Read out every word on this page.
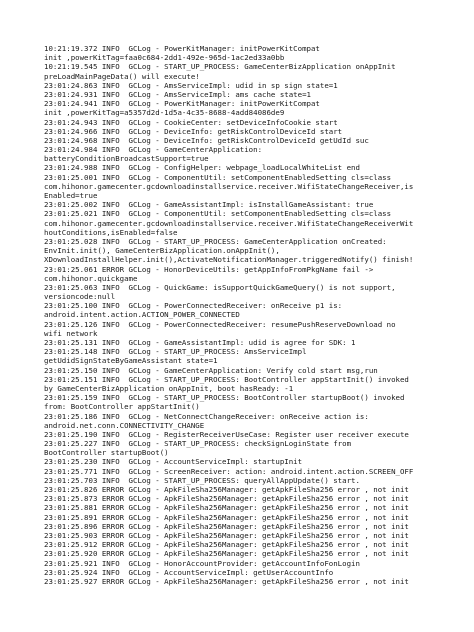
10:21:19.372 INFO  GCLog - PowerKitManager: initPowerKitCompat
init ,powerKitTag=faa0c684-2dd1-492e-965d-1ac2ed33a0bb
10:21:19.545 INFO  GCLog - START_UP_PROCESS: GameCenterBizApplication onAppInit
preLoadMainPageData() will execute!
23:01:24.863 INFO  GCLog - AmsServiceImpl: udid in sp sign state=1
23:01:24.931 INFO  GCLog - AmsServiceImpl: ams cache state=1
23:01:24.941 INFO  GCLog - PowerKitManager: initPowerKitCompat
init ,powerKitTag=a5357d2d-1d5a-4c35-8688-4add84086de9
23:01:24.943 INFO  GCLog - CookieCenter: setDeviceInfoCookie start
23:01:24.966 INFO  GCLog - DeviceInfo: getRiskControlDeviceId start
23:01:24.968 INFO  GCLog - DeviceInfo: getRiskControlDeviceId getUdId suc
23:01:24.984 INFO  GCLog - GameCenterApplication:
batteryConditionBroadcastSupport=true
23:01:24.988 INFO  GCLog - ConfigHelper: webpage_loadLocalWhiteList end
23:01:25.001 INFO  GCLog - ComponentUtil: setComponentEnabledSetting cls=class
com.hihonor.gamecenter.gcdownloadinstallservice.receiver.WifiStateChangeReceiver,is
Enabled=true
23:01:25.002 INFO  GCLog - GameAssistantImpl: isInstallGameAssistant: true
23:01:25.021 INFO  GCLog - ComponentUtil: setComponentEnabledSetting cls=class
com.hihonor.gamecenter.gcdownloadinstallservice.receiver.WifiStateChangeReceiverWit
houtConditions,isEnabled=false
23:01:25.028 INFO  GCLog - START_UP_PROCESS: GameCenterApplication onCreated:
EnvInit.init(), GameCenterBizApplication.onAppInit(),
XDownloadInstallHelper.init(),ActivateNotificationManager.triggeredNotify() finish!
23:01:25.061 ERROR GCLog - HonorDeviceUtils: getAppInfoFromPkgName fail ->
com.hihonor.quickgame
23:01:25.063 INFO  GCLog - QuickGame: isSupportQuickGameQuery() is not support,
versioncode:null
23:01:25.100 INFO  GCLog - PowerConnectedReceiver: onReceive p1 is:
android.intent.action.ACTION_POWER_CONNECTED
23:01:25.126 INFO  GCLog - PowerConnectedReceiver: resumePushReserveDownload no
wifi network
23:01:25.131 INFO  GCLog - GameAssistantImpl: udid is agree for SDK: 1
23:01:25.148 INFO  GCLog - START_UP_PROCESS: AmsServiceImpl
getUdidSignStateByGameAssistant state=1
23:01:25.150 INFO  GCLog - GameCenterApplication: Verify cold start msg,run
23:01:25.151 INFO  GCLog - START_UP_PROCESS: BootController appStartInit() invoked
by GameCenterBizApplication onAppInit, boot hasReady: -1
23:01:25.159 INFO  GCLog - START_UP_PROCESS: BootController startupBoot() invoked
from: BootController appStartInit()
23:01:25.186 INFO  GCLog - NetConnectChangeReceiver: onReceive action is:
android.net.conn.CONNECTIVITY_CHANGE
23:01:25.190 INFO  GCLog - RegisterReceiverUseCase: Register user receiver execute
23:01:25.227 INFO  GCLog - START_UP_PROCESS: checkSignLoginState from
BootController startupBoot()
23:01:25.230 INFO  GCLog - AccountServiceImpl: startupInit
23:01:25.771 INFO  GCLog - ScreenReceiver: action: android.intent.action.SCREEN_OFF
23:01:25.703 INFO  GCLog - START_UP_PROCESS: queryAllAppUpdate() start.
23:01:25.826 ERROR GCLog - ApkFileSha256Manager: getApkFileSha256 error , not init
23:01:25.873 ERROR GCLog - ApkFileSha256Manager: getApkFileSha256 error , not init
23:01:25.881 ERROR GCLog - ApkFileSha256Manager: getApkFileSha256 error , not init
23:01:25.891 ERROR GCLog - ApkFileSha256Manager: getApkFileSha256 error , not init
23:01:25.896 ERROR GCLog - ApkFileSha256Manager: getApkFileSha256 error , not init
23:01:25.903 ERROR GCLog - ApkFileSha256Manager: getApkFileSha256 error , not init
23:01:25.912 ERROR GCLog - ApkFileSha256Manager: getApkFileSha256 error , not init
23:01:25.920 ERROR GCLog - ApkFileSha256Manager: getApkFileSha256 error , not init
23:01:25.921 INFO  GCLog - HonorAccountProvider: getAccountInfoFonLogin
23:01:25.924 INFO  GCLog - AccountServiceImpl: getUserAccountInfo
23:01:25.927 ERROR GCLog - ApkFileSha256Manager: getApkFileSha256 error , not init
